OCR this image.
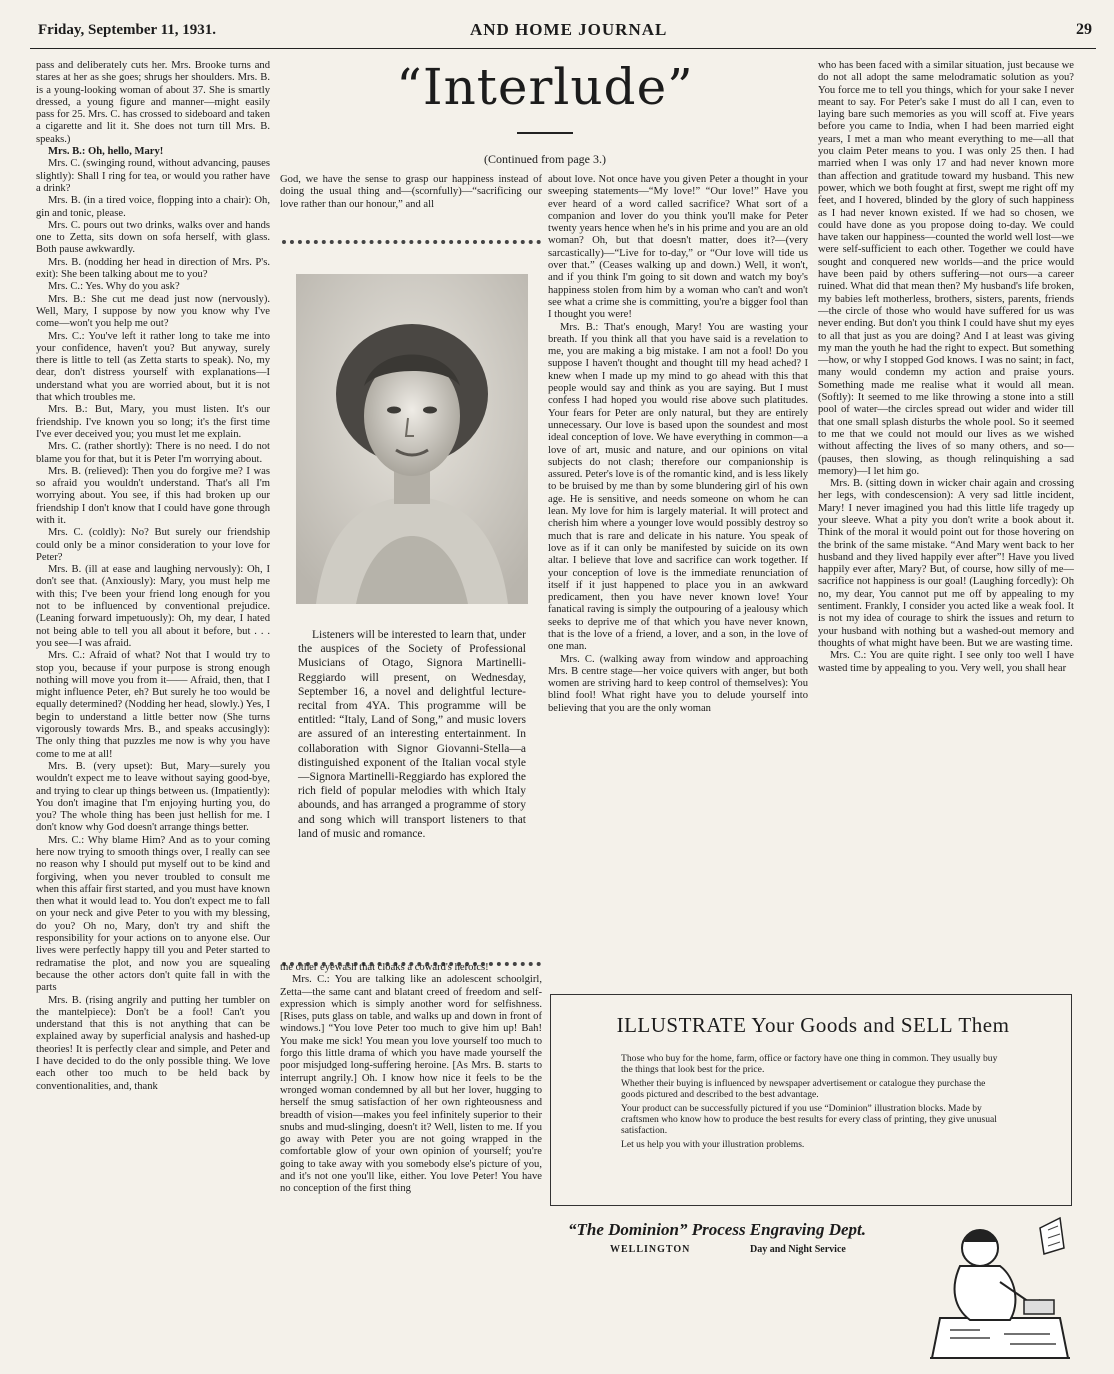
Friday, September 11, 1931.	AND HOME JOURNAL	29

pass and deliberately cuts her. Mrs. Brooke turns and stares at her as she goes; shrugs her shoulders. Mrs. B. is a young-looking woman of about 37. She is smartly dressed, a young figure and manner—might easily pass for 25. Mrs. C. has crossed to sideboard and taken a cigarette and lit it. She does not turn till Mrs. B. speaks.)

Mrs. B.: Oh, hello, Mary!

Mrs. C. (swinging round, without advancing, pauses slightly): Shall I ring for tea, or would you rather have a drink?

Mrs. B. (in a tired voice, flopping into a chair): Oh, gin and tonic, please.

Mrs. C. pours out two drinks, walks over and hands one to Zetta, sits down on sofa herself, with glass. Both pause awkwardly.

Mrs. B. (nodding her head in direction of Mrs. P's. exit): She been talking about me to you?

Mrs. C.: Yes. Why do you ask?

Mrs. B.: She cut me dead just now (nervously). Well, Mary, I suppose by now you know why I've come—won't you help me out?

Mrs. C.: You've left it rather long to take me into your confidence, haven't you? But anyway, surely there is little to tell (as Zetta starts to speak). No, my dear, don't distress yourself with explanations—I understand what you are worried about, but it is not that which troubles me.

Mrs. B.: But, Mary, you must listen. It's our friendship. I've known you so long; it's the first time I've ever deceived you; you must let me explain.

Mrs. C. (rather shortly): There is no need. I do not blame you for that, but it is Peter I'm worrying about.

Mrs. B. (relieved): Then you do forgive me? I was so afraid you wouldn't understand. That's all I'm worrying about. You see, if this had broken up our friendship I don't know that I could have gone through with it.

Mrs. C. (coldly): No? But surely our friendship could only be a minor consideration to your love for Peter?

Mrs. B. (ill at ease and laughing nervously): Oh, I don't see that. (Anxiously): Mary, you must help me with this; I've been your friend long enough for you not to be influenced by conventional prejudice. (Leaning forward impetuously): Oh, my dear, I hated not being able to tell you all about it before, but . . . you see—I was afraid.

Mrs. C.: Afraid of what? Not that I would try to stop you, because if your purpose is strong enough nothing will move you from it—— Afraid, then, that I might influence Peter, eh? But surely he too would be equally determined? (Nodding her head, slowly.) Yes, I begin to understand a little better now (She turns vigorously towards Mrs. B., and speaks accusingly): The only thing that puzzles me now is why you have come to me at all!

Mrs. B. (very upset): But, Mary—surely you wouldn't expect me to leave without saying good-bye, and trying to clear up things between us. (Impatiently): You don't imagine that I'm enjoying hurting you, do you? The whole thing has been just hellish for me. I don't know why God doesn't arrange things better.

Mrs. C.: Why blame Him? And as to your coming here now trying to smooth things over, I really can see no reason why I should put myself out to be kind and forgiving, when you never troubled to consult me when this affair first started, and you must have known then what it would lead to. You don't expect me to fall on your neck and give Peter to you with my blessing, do you? Oh no, Mary, don't try and shift the responsibility for your actions on to anyone else. Our lives were perfectly happy till you and Peter started to redramatise the plot, and now you are squealing because the other actors don't quite fall in with the parts

Mrs. B. (rising angrily and putting her tumbler on the mantelpiece): Don't be a fool! Can't you understand that this is not anything that can be explained away by superficial analysis and hashed-up theories! It is perfectly clear and simple, and Peter and I have decided to do the only possible thing. We love each other too much to be held back by conventionalities, and, thank

“Interlude”
(Continued from page 3.)

God, we have the sense to grasp our happiness instead of doing the usual thing and—(scornfully)—“sacrificing our love rather than our honour,” and all

Listeners will be interested to learn that, under the auspices of the Society of Professional Musicians of Otago, Signora Martinelli-Reggiardo will present, on Wednesday, September 16, a novel and delightful lecture-recital from 4YA. This programme will be entitled: “Italy, Land of Song,” and music lovers are assured of an interesting entertainment. In collaboration with Signor Giovanni-Stella—a distinguished exponent of the Italian vocal style—Signora Martinelli-Reggiardo has explored the rich field of popular melodies with which Italy abounds, and has arranged a programme of story and song which will transport listeners to that land of music and romance.

the other eyewash that cloaks a coward's heroics!

Mrs. C.: You are talking like an adolescent schoolgirl, Zetta—the same cant and blatant creed of freedom and self-expression which is simply another word for selfishness. [Rises, puts glass on table, and walks up and down in front of windows.] “You love Peter too much to give him up! Bah! You make me sick! You mean you love yourself too much to forgo this little drama of which you have made yourself the poor misjudged long-suffering heroine. [As Mrs. B. starts to interrupt angrily.] Oh. I know how nice it feels to be the wronged woman condemned by all but her lover, hugging to herself the smug satisfaction of her own righteousness and breadth of vision—makes you feel infinitely superior to their snubs and mud-slinging, doesn't it? Well, listen to me. If you go away with Peter you are not going wrapped in the comfortable glow of your own opinion of yourself; you're going to take away with you somebody else's picture of you, and it's not one you'll like, either. You love Peter! You have no conception of the first thing

about love. Not once have you given Peter a thought in your sweeping statements—“My love!” “Our love!” Have you ever heard of a word called sacrifice? What sort of a companion and lover do you think you'll make for Peter twenty years hence when he's in his prime and you are an old woman? Oh, but that doesn't matter, does it?—(very sarcastically)—“Live for to-day,” or “Our love will tide us over that.” (Ceases walking up and down.) Well, it won't, and if you think I'm going to sit down and watch my boy's happiness stolen from him by a woman who can't and won't see what a crime she is committing, you're a bigger fool than I thought you were!

Mrs. B.: That's enough, Mary! You are wasting your breath. If you think all that you have said is a revelation to me, you are making a big mistake. I am not a fool! Do you suppose I haven't thought and thought till my head ached? I knew when I made up my mind to go ahead with this that people would say and think as you are saying. But I must confess I had hoped you would rise above such platitudes. Your fears for Peter are only natural, but they are entirely unnecessary. Our love is based upon the soundest and most ideal conception of love. We have everything in common—a love of art, music and nature, and our opinions on vital subjects do not clash; therefore our companionship is assured. Peter's love is of the romantic kind, and is less likely to be bruised by me than by some blundering girl of his own age. He is sensitive, and needs someone on whom he can lean. My love for him is largely material. It will protect and cherish him where a younger love would possibly destroy so much that is rare and delicate in his nature. You speak of love as if it can only be manifested by suicide on its own altar. I believe that love and sacrifice can work together. If your conception of love is the immediate renunciation of itself if it just happened to place you in an awkward predicament, then you have never known love! Your fanatical raving is simply the outpouring of a jealousy which seeks to deprive me of that which you have never known, that is the love of a friend, a lover, and a son, in the love of one man.

Mrs. C. (walking away from window and approaching Mrs. B centre stage—her voice quivers with anger, but both women are striving hard to keep control of themselves): You blind fool! What right have you to delude yourself into believing that you are the only woman

who has been faced with a similar situation, just because we do not all adopt the same melodramatic solution as you? You force me to tell you things, which for your sake I never meant to say. For Peter's sake I must do all I can, even to laying bare such memories as you will scoff at. Five years before you came to India, when I had been married eight years, I met a man who meant everything to me—all that you claim Peter means to you. I was only 25 then. I had married when I was only 17 and had never known more than affection and gratitude toward my husband. This new power, which we both fought at first, swept me right off my feet, and I hovered, blinded by the glory of such happiness as I had never known existed. If we had so chosen, we could have done as you propose doing to-day. We could have taken our happiness—counted the world well lost—we were self-sufficient to each other. Together we could have sought and conquered new worlds—and the price would have been paid by others suffering—not ours—a career ruined. What did that mean then? My husband's life broken, my babies left motherless, brothers, sisters, parents, friends—the circle of those who would have suffered for us was never ending. But don't you think I could have shut my eyes to all that just as you are doing? And I at least was giving my man the youth he had the right to expect. But something—how, or why I stopped God knows. I was no saint; in fact, many would condemn my action and praise yours. Something made me realise what it would all mean. (Softly): It seemed to me like throwing a stone into a still pool of water—the circles spread out wider and wider till that one small splash disturbs the whole pool. So it seemed to me that we could not mould our lives as we wished without affecting the lives of so many others, and so—(pauses, then slowing, as though relinquishing a sad memory)—I let him go.

Mrs. B. (sitting down in wicker chair again and crossing her legs, with condescension): A very sad little incident, Mary! I never imagined you had this little life tragedy up your sleeve. What a pity you don't write a book about it. Think of the moral it would point out for those hovering on the brink of the same mistake. “And Mary went back to her husband and they lived happily ever after”! Have you lived happily ever after, Mary? But, of course, how silly of me—sacrifice not happiness is our goal! (Laughing forcedly): Oh no, my dear, You cannot put me off by appealing to my sentiment. Frankly, I consider you acted like a weak fool. It is not my idea of courage to shirk the issues and return to your husband with nothing but a washed-out memory and thoughts of what might have been. But we are wasting time.

Mrs. C.: You are quite right. I see only too well I have wasted time by appealing to you. Very well, you shall hear

ILLUSTRATE Your Goods and SELL Them

Those who buy for the home, farm, office or factory have one thing in common. They usually buy the things that look best for the price.

Whether their buying is influenced by newspaper advertisement or catalogue they purchase the goods pictured and described to the best advantage.

Your product can be successfully pictured if you use “Dominion” illustration blocks. Made by craftsmen who know how to produce the best results for every class of printing, they give unusual satisfaction.

Let us help you with your illustration problems.

“The Dominion” Process Engraving Dept.
WELLINGTON	Day and Night Service
